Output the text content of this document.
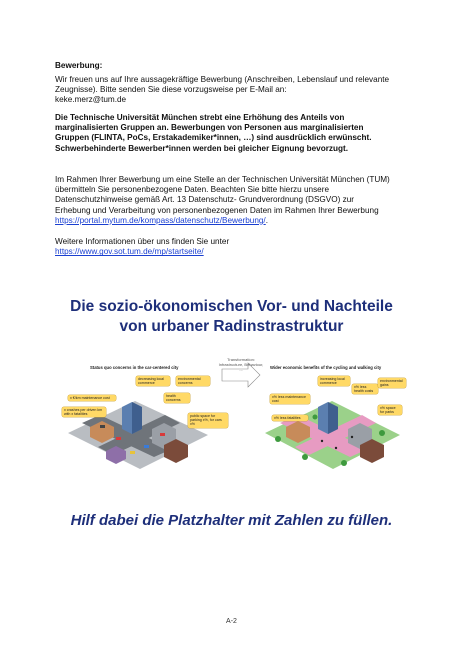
Bewerbung:
Wir freuen uns auf Ihre aussagekräftige Bewerbung (Anschreiben, Lebenslauf und relevante Zeugnisse). Bitte senden Sie diese vorzugsweise per E-Mail an:
keke.merz@tum.de
Die Technische Universität München strebt eine Erhöhung des Anteils von marginalisierten Gruppen an. Bewerbungen von Personen aus marginalisierten Gruppen (FLINTA, PoCs, Erstakademiker*innen, …) sind ausdrücklich erwünscht. Schwerbehinderte Bewerber*innen werden bei gleicher Eignung bevorzugt.
Im Rahmen Ihrer Bewerbung um eine Stelle an der Technischen Universität München (TUM) übermitteln Sie personenbezogene Daten. Beachten Sie bitte hierzu unsere Datenschutzhinweise gemäß Art. 13 Datenschutz- Grundverordnung (DSGVO) zur Erhebung und Verarbeitung von personenbezogenen Daten im Rahmen Ihrer Bewerbung https://portal.mytum.de/kompass/datenschutz/Bewerbung/.
Weitere Informationen über uns finden Sie unter
https://www.gov.sot.tum.de/mp/startseite/
Die sozio-ökonomischen Vor- und Nachteile
von urbaner Radinstrastruktur
Status quo concerns in the car-centered city	Wider economic benefits of the cycling and walking city
Transformation: Infrastructure, Behaviour, ...
decreasing local commerce
environmental concerns
x €/km maintenance cost	health concerns
x crashes per driven km with x fatalities	public space for parking x%, for cars x%
increasing local commerce
x% less health costs
environmental gains
x% less maintenance cost
x% less fatalities
x% space for parks
Hilf dabei die Platzhalter mit Zahlen zu füllen.
A-2
